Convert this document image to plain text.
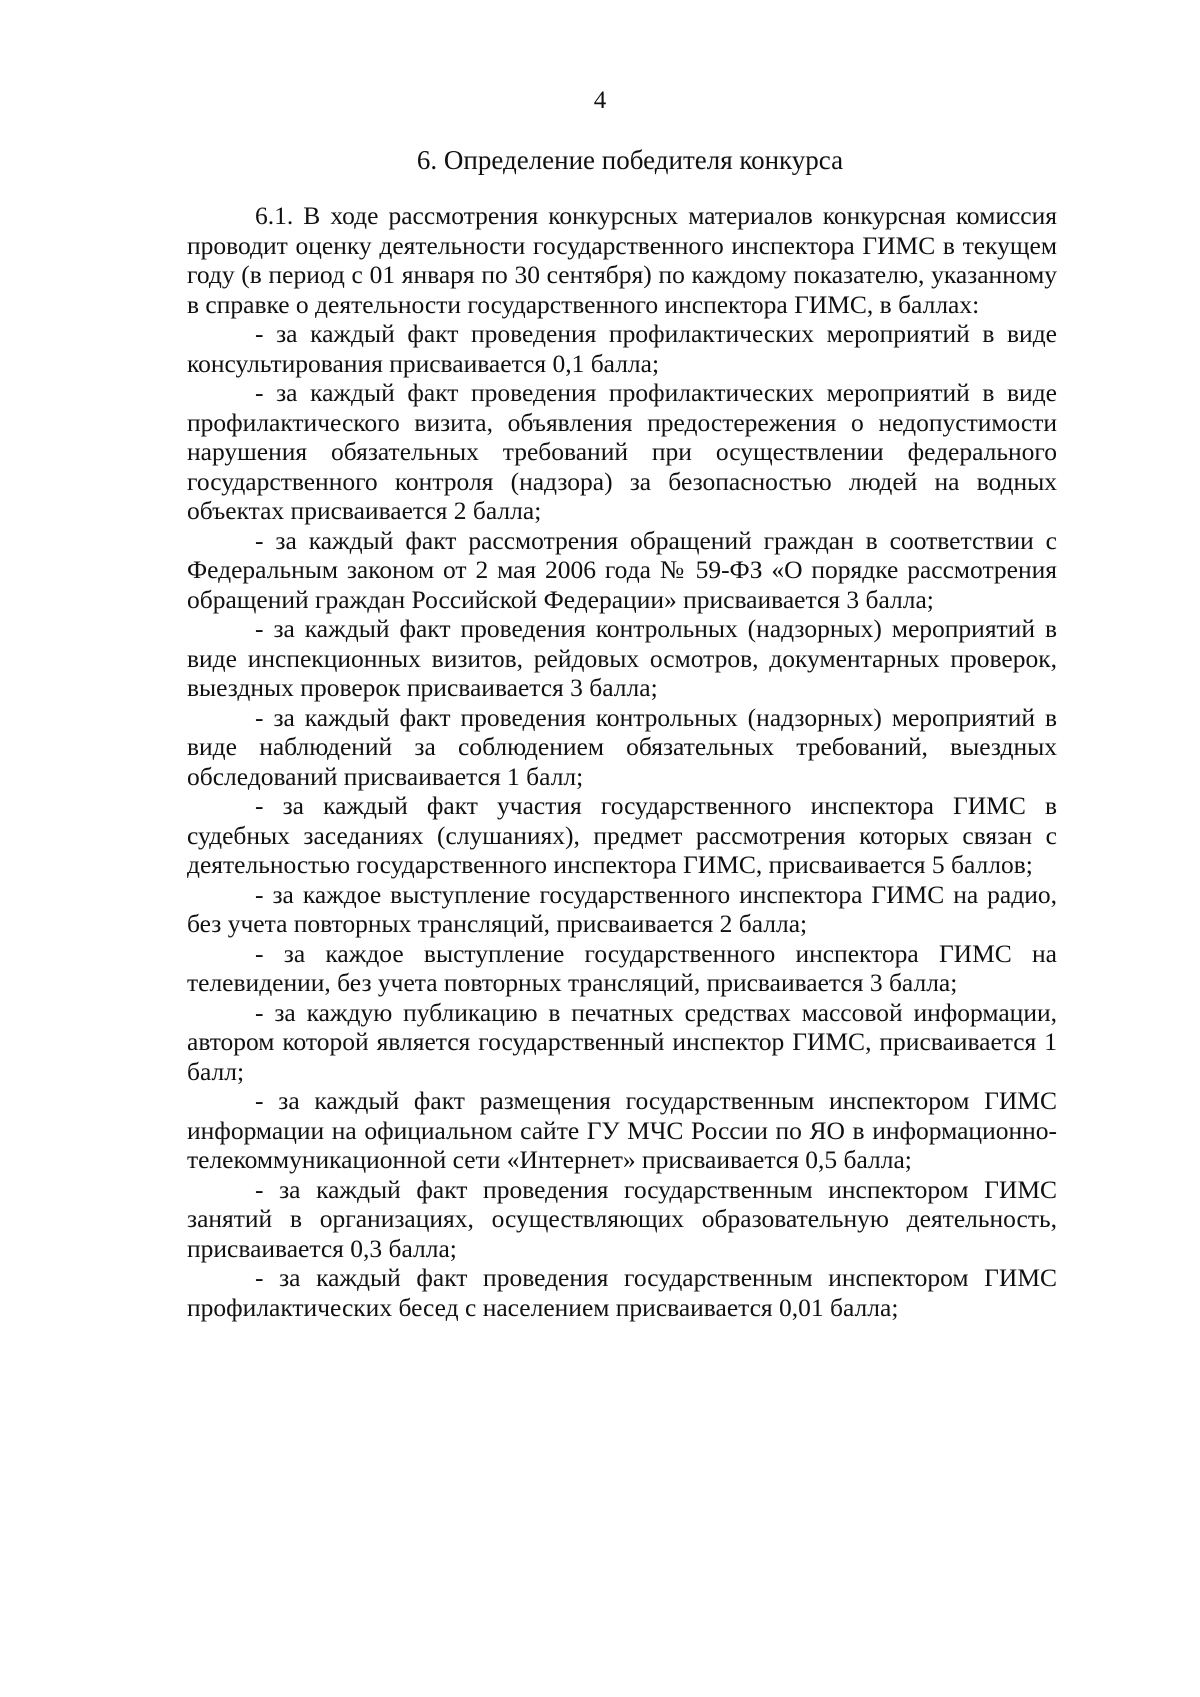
4
6. Определение победителя конкурса

6.1. В ходе рассмотрения конкурсных материалов конкурсная комиссия проводит оценку деятельности государственного инспектора ГИМС в текущем году (в период с 01 января по 30 сентября) по каждому показателю, указанному в справке о деятельности государственного инспектора ГИМС, в баллах:

- за каждый факт проведения профилактических мероприятий в виде консультирования присваивается 0,1 балла;

- за каждый факт проведения профилактических мероприятий в виде профилактического визита, объявления предостережения о недопустимости нарушения обязательных требований при осуществлении федерального государственного контроля (надзора) за безопасностью людей на водных объектах присваивается 2 балла;

- за каждый факт рассмотрения обращений граждан в соответствии с Федеральным законом от 2 мая 2006 года № 59-ФЗ «О порядке рассмотрения обращений граждан Российской Федерации» присваивается 3 балла;

- за каждый факт проведения контрольных (надзорных) мероприятий в виде инспекционных визитов, рейдовых осмотров, документарных проверок, выездных проверок присваивается 3 балла;

- за каждый факт проведения контрольных (надзорных) мероприятий в виде наблюдений за соблюдением обязательных требований, выездных обследований присваивается 1 балл;

- за каждый факт участия государственного инспектора ГИМС в судебных заседаниях (слушаниях), предмет рассмотрения которых связан с деятельностью государственного инспектора ГИМС, присваивается 5 баллов;

- за каждое выступление государственного инспектора ГИМС на радио, без учета повторных трансляций, присваивается 2 балла;

- за каждое выступление государственного инспектора ГИМС на телевидении, без учета повторных трансляций, присваивается 3 балла;

- за каждую публикацию в печатных средствах массовой информации, автором которой является государственный инспектор ГИМС, присваивается 1 балл;

- за каждый факт размещения государственным инспектором ГИМС информации на официальном сайте ГУ МЧС России по ЯО в информационно-телекоммуникационной сети «Интернет» присваивается 0,5 балла;

- за каждый факт проведения государственным инспектором ГИМС занятий в организациях, осуществляющих образовательную деятельность, присваивается 0,3 балла;

- за каждый факт проведения государственным инспектором ГИМС профилактических бесед с населением присваивается 0,01 балла;
